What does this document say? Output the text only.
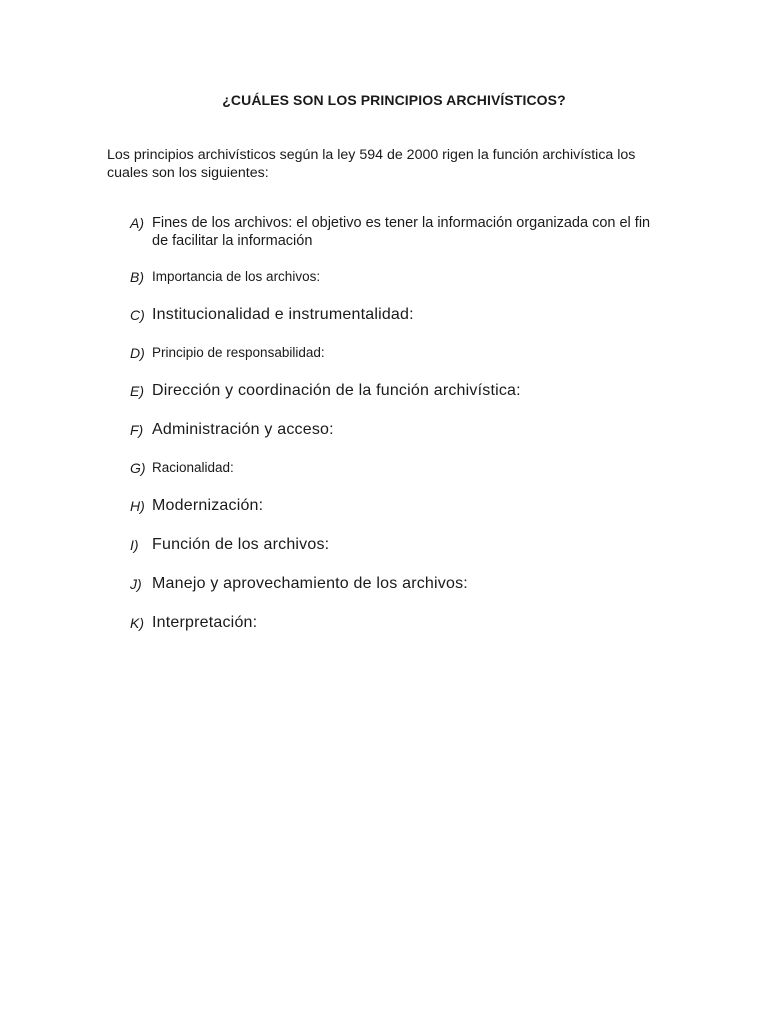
¿CUÁLES SON LOS PRINCIPIOS ARCHIVÍSTICOS?
Los principios archivísticos según la ley 594 de 2000 rigen la función archivística los cuales son los siguientes:
A) Fines de los archivos: el objetivo es tener la información organizada con el fin de facilitar la información
B) Importancia de los archivos:
C) Institucionalidad e instrumentalidad:
D) Principio de responsabilidad:
E) Dirección y coordinación de la función archivística:
F) Administración y acceso:
G) Racionalidad:
H) Modernización:
I) Función de los archivos:
J) Manejo y aprovechamiento de los archivos:
K) Interpretación:
